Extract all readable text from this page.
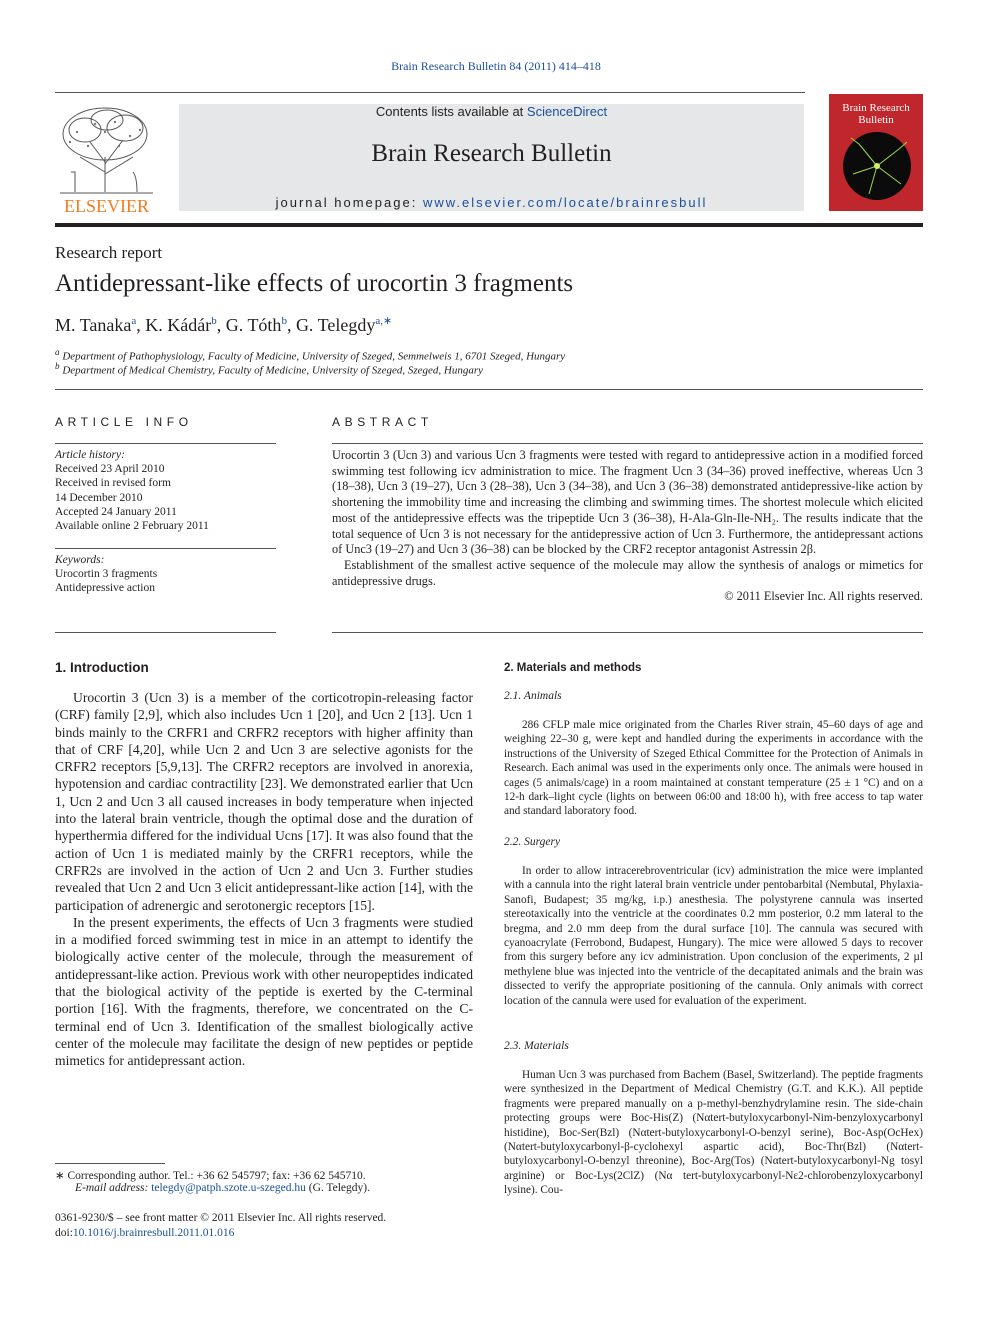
Brain Research Bulletin 84 (2011) 414–418
ELSEVIER
Contents lists available at ScienceDirect
Brain Research Bulletin
journal homepage: www.elsevier.com/locate/brainresbull
Brain Research Bulletin
Research report
Antidepressant-like effects of urocortin 3 fragments
M. Tanaka$^a$, K. Kádár$^b$, G. Tóth$^b$, G. Telegdy$^{a,∗}$
$^a$ Department of Pathophysiology, Faculty of Medicine, University of Szeged, Semmelweis 1, 6701 Szeged, Hungary
$^b$ Department of Medical Chemistry, Faculty of Medicine, University of Szeged, Szeged, Hungary
ARTICLE INFO
Article history:
Received 23 April 2010
Received in revised form
14 December 2010
Accepted 24 January 2011
Available online 2 February 2011
Keywords:
Urocortin 3 fragments
Antidepressive action
ABSTRACT

Urocortin 3 (Ucn 3) and various Ucn 3 fragments were tested with regard to antidepressive action in a modified forced swimming test following icv administration to mice. The fragment Ucn 3 (34–36) proved ineffective, whereas Ucn 3 (18–38), Ucn 3 (19–27), Ucn 3 (28–38), Ucn 3 (34–38), and Ucn 3 (36–38) demonstrated antidepressive-like action by shortening the immobility time and increasing the climbing and swimming times. The shortest molecule which elicited most of the antidepressive effects was the tripeptide Ucn 3 (36–38), H-Ala-Gln-Ile-NH₂. The results indicate that the total sequence of Ucn 3 is not necessary for the antidepressive action of Ucn 3. Furthermore, the antidepressant actions of Unc3 (19–27) and Ucn 3 (36–38) can be blocked by the CRF2 receptor antagonist Astressin 2β.

Establishment of the smallest active sequence of the molecule may allow the synthesis of analogs or mimetics for antidepressive drugs.

© 2011 Elsevier Inc. All rights reserved.

1. Introduction

Urocortin 3 (Ucn 3) is a member of the corticotropin-releasing factor (CRF) family [2,9], which also includes Ucn 1 [20], and Ucn 2 [13]. Ucn 1 binds mainly to the CRFR1 and CRFR2 receptors with higher affinity than that of CRF [4,20], while Ucn 2 and Ucn 3 are selective agonists for the CRFR2 receptors [5,9,13]. The CRFR2 receptors are involved in anorexia, hypotension and cardiac contractility [23]. We demonstrated earlier that Ucn 1, Ucn 2 and Ucn 3 all caused increases in body temperature when injected into the lateral brain ventricle, though the optimal dose and the duration of hyperthermia differed for the individual Ucns [17]. It was also found that the action of Ucn 1 is mediated mainly by the CRFR1 receptors, while the CRFR2s are involved in the action of Ucn 2 and Ucn 3. Further studies revealed that Ucn 2 and Ucn 3 elicit antidepressant-like action [14], with the participation of adrenergic and serotonergic receptors [15].

In the present experiments, the effects of Ucn 3 fragments were studied in a modified forced swimming test in mice in an attempt to identify the biologically active center of the molecule, through the measurement of antidepressant-like action. Previous work with other neuropeptides indicated that the biological activity of the peptide is exerted by the C-terminal portion [16]. With the fragments, therefore, we concentrated on the C-terminal end of Ucn 3. Identification of the smallest biologically active center of the molecule may facilitate the design of new peptides or peptide mimetics for antidepressant action.

∗ Corresponding author. Tel.: +36 62 545797; fax: +36 62 545710.
E-mail address: telegdy@patph.szote.u-szeged.hu (G. Telegdy).
0361-9230/$ – see front matter © 2011 Elsevier Inc. All rights reserved.
doi:10.1016/j.brainresbull.2011.01.016
2. Materials and methods
2.1. Animals

286 CFLP male mice originated from the Charles River strain, 45–60 days of age and weighing 22–30 g, were kept and handled during the experiments in accordance with the instructions of the University of Szeged Ethical Committee for the Protection of Animals in Research. Each animal was used in the experiments only once. The animals were housed in cages (5 animals/cage) in a room maintained at constant temperature (25 ± 1 °C) and on a 12-h dark–light cycle (lights on between 06:00 and 18:00 h), with free access to tap water and standard laboratory food.

2.2. Surgery

In order to allow intracerebroventricular (icv) administration the mice were implanted with a cannula into the right lateral brain ventricle under pentobarbital (Nembutal, Phylaxia-Sanofi, Budapest; 35 mg/kg, i.p.) anesthesia. The polystyrene cannula was inserted stereotaxically into the ventricle at the coordinates 0.2 mm posterior, 0.2 mm lateral to the bregma, and 2.0 mm deep from the dural surface [10]. The cannula was secured with cyanoacrylate (Ferrobond, Budapest, Hungary). The mice were allowed 5 days to recover from this surgery before any icv administration. Upon conclusion of the experiments, 2 µl methylene blue was injected into the ventricle of the decapitated animals and the brain was dissected to verify the appropriate positioning of the cannula. Only animals with correct location of the cannula were used for evaluation of the experiment.

2.3. Materials

Human Ucn 3 was purchased from Bachem (Basel, Switzerland). The peptide fragments were synthesized in the Department of Medical Chemistry (G.T. and K.K.). All peptide fragments were prepared manually on a p-methyl-benzhydrylamine resin. The side-chain protecting groups were Boc-His(Z) (Nαtert-butyloxycarbonyl-Nim-benzyloxycarbonyl histidine), Boc-Ser(Bzl) (Nαtert-butyloxycarbonyl-O-benzyl serine), Boc-Asp(OcHex) (Nαtert-butyloxycarbonyl-β-cyclohexyl aspartic acid), Boc-Thr(Bzl) (Nαtert-butyloxycarbonyl-O-benzyl threonine), Boc-Arg(Tos) (Nαtert-butyloxycarbonyl-Ng tosyl arginine) or Boc-Lys(2ClZ) (Nα tert-butyloxycarbonyl-Nε2-chlorobenzyloxycarbonyl lysine). Cou-
